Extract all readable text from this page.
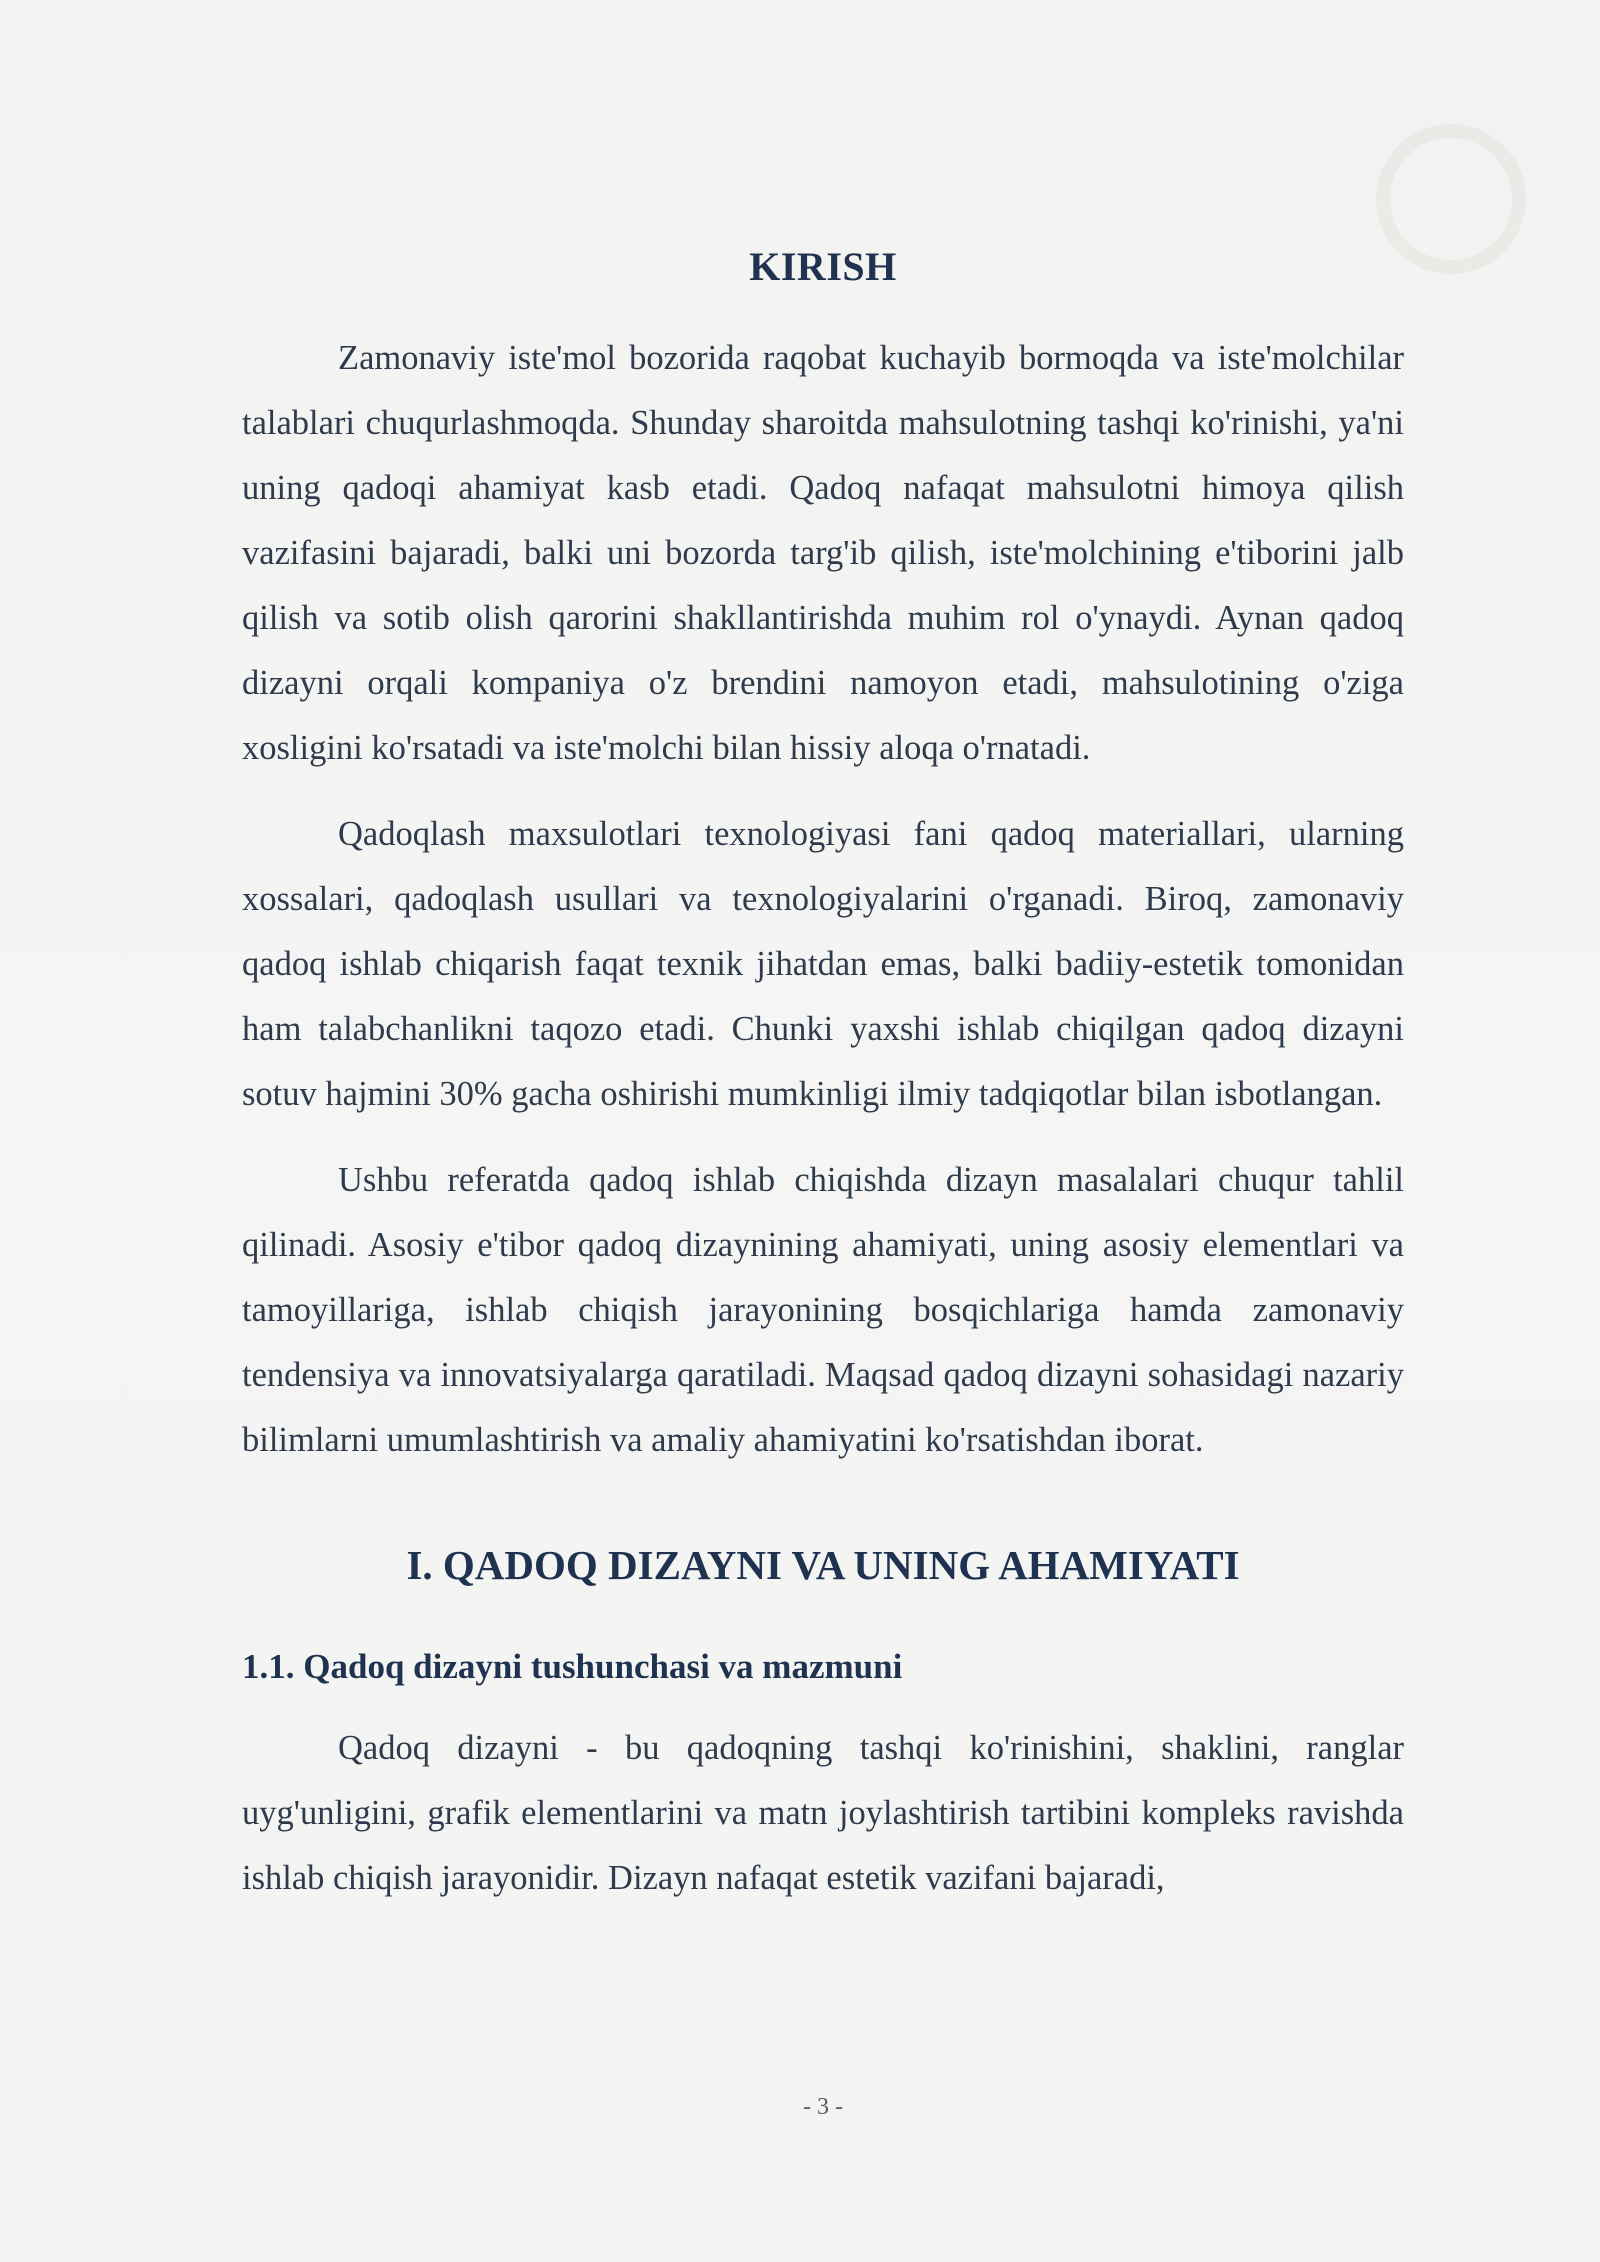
KIRISH

Zamonaviy iste'mol bozorida raqobat kuchayib bormoqda va iste'molchilar talablari chuqurlashmoqda. Shunday sharoitda mahsulotning tashqi ko'rinishi, ya'ni uning qadoqi ahamiyat kasb etadi. Qadoq nafaqat mahsulotni himoya qilish vazifasini bajaradi, balki uni bozorda targ'ib qilish, iste'molchining e'tiborini jalb qilish va sotib olish qarorini shakllantirishda muhim rol o'ynaydi. Aynan qadoq dizayni orqali kompaniya o'z brendini namoyon etadi, mahsulotining o'ziga xosligini ko'rsatadi va iste'molchi bilan hissiy aloqa o'rnatadi.

Qadoqlash maxsulotlari texnologiyasi fani qadoq materiallari, ularning xossalari, qadoqlash usullari va texnologiyalarini o'rganadi. Biroq, zamonaviy qadoq ishlab chiqarish faqat texnik jihatdan emas, balki badiiy-estetik tomonidan ham talabchanlikni taqozo etadi. Chunki yaxshi ishlab chiqilgan qadoq dizayni sotuv hajmini 30% gacha oshirishi mumkinligi ilmiy tadqiqotlar bilan isbotlangan.

Ushbu referatda qadoq ishlab chiqishda dizayn masalalari chuqur tahlil qilinadi. Asosiy e'tibor qadoq dizaynining ahamiyati, uning asosiy elementlari va tamoyillariga, ishlab chiqish jarayonining bosqichlariga hamda zamonaviy tendensiya va innovatsiyalarga qaratiladi. Maqsad qadoq dizayni sohasidagi nazariy bilimlarni umumlashtirish va amaliy ahamiyatini ko'rsatishdan iborat.

I. QADOQ DIZAYNI VA UNING AHAMIYATI
1.1. Qadoq dizayni tushunchasi va mazmuni

Qadoq dizayni - bu qadoqning tashqi ko'rinishini, shaklini, ranglar uyg'unligini, grafik elementlarini va matn joylashtirish tartibini kompleks ravishda ishlab chiqish jarayonidir. Dizayn nafaqat estetik vazifani bajaradi,

- 3 -
